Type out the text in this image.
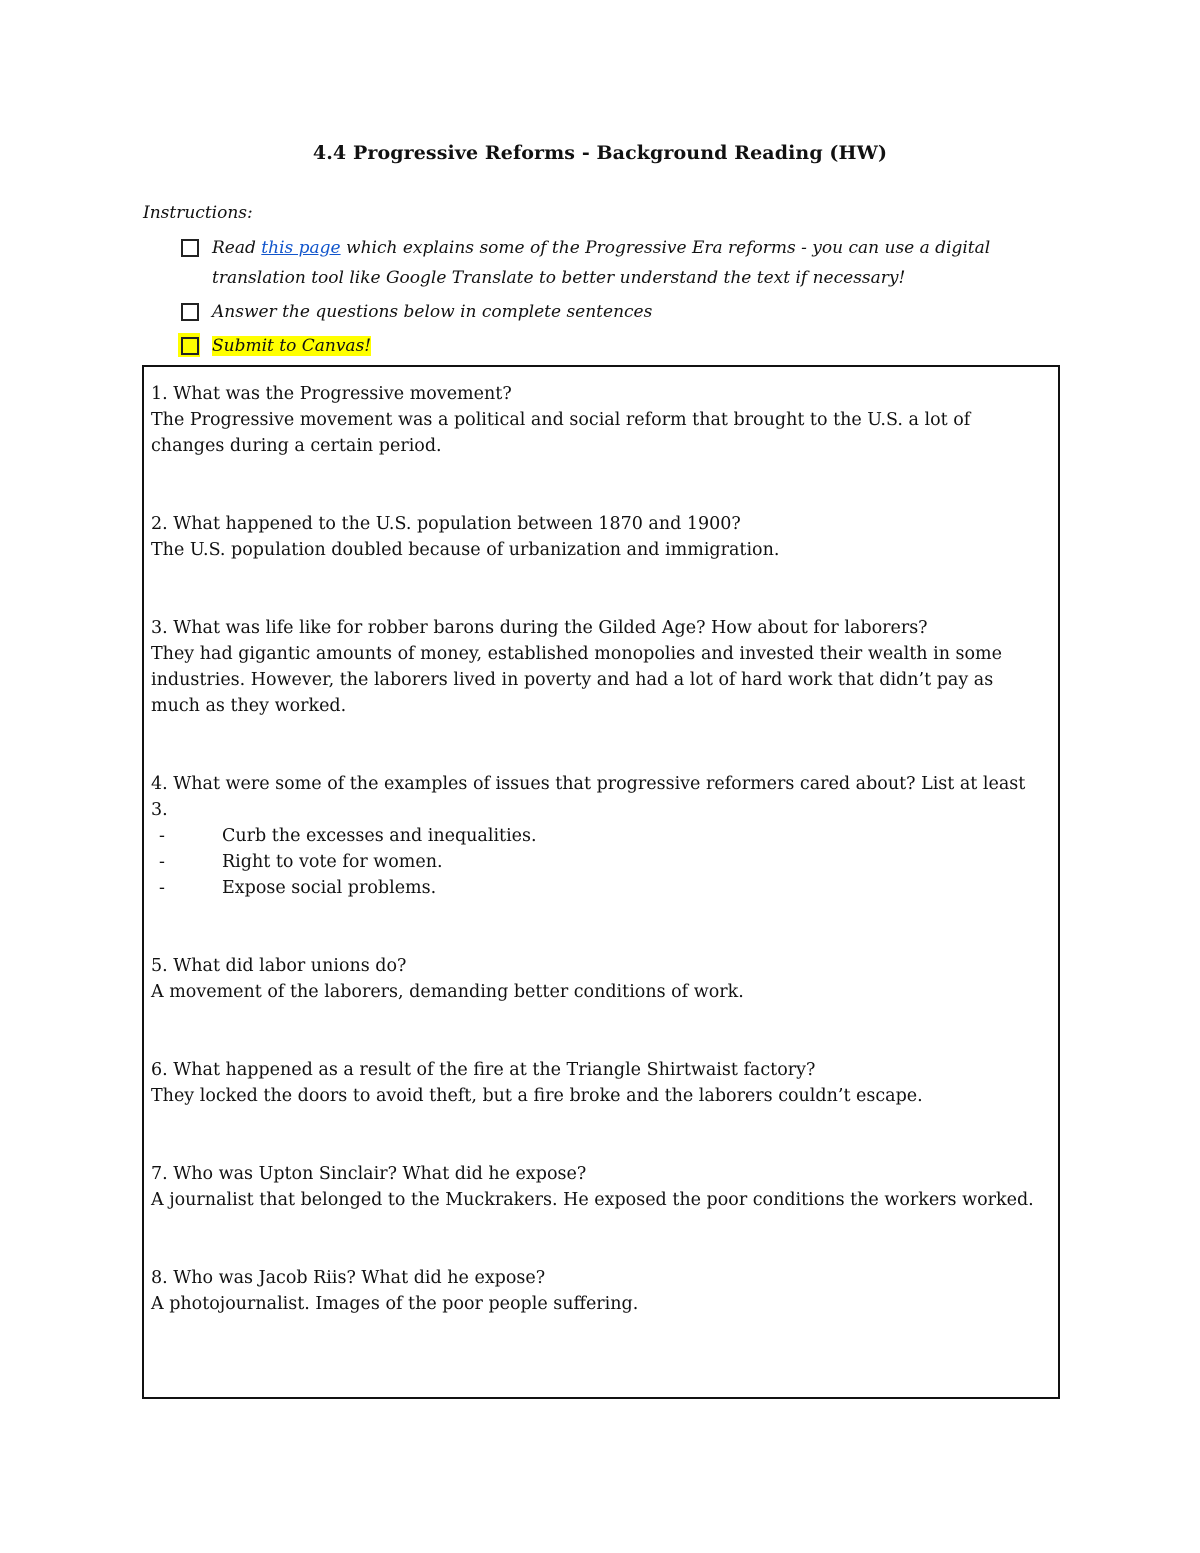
4.4 Progressive Reforms - Background Reading (HW)
Instructions:
Read this page which explains some of the Progressive Era reforms - you can use a digital translation tool like Google Translate to better understand the text if necessary!
Answer the questions below in complete sentences
Submit to Canvas!

1. What was the Progressive movement?

The Progressive movement was a political and social reform that brought to the U.S. a lot of changes during a certain period.

2. What happened to the U.S. population between 1870 and 1900?

The U.S. population doubled because of urbanization and immigration.

3. What was life like for robber barons during the Gilded Age? How about for laborers?

They had gigantic amounts of money, established monopolies and invested their wealth in some industries. However, the laborers lived in poverty and had a lot of hard work that didn’t pay as much as they worked.

4. What were some of the examples of issues that progressive reformers cared about? List at least 3.

- Curb the excesses and inequalities.
- Right to vote for women.
- Expose social problems.

5. What did labor unions do?

A movement of the laborers, demanding better conditions of work.

6. What happened as a result of the fire at the Triangle Shirtwaist factory?

They locked the doors to avoid theft, but a fire broke and the laborers couldn’t escape.

7. Who was Upton Sinclair? What did he expose?

A journalist that belonged to the Muckrakers. He exposed the poor conditions the workers worked.

8. Who was Jacob Riis? What did he expose?

A photojournalist. Images of the poor people suffering.
